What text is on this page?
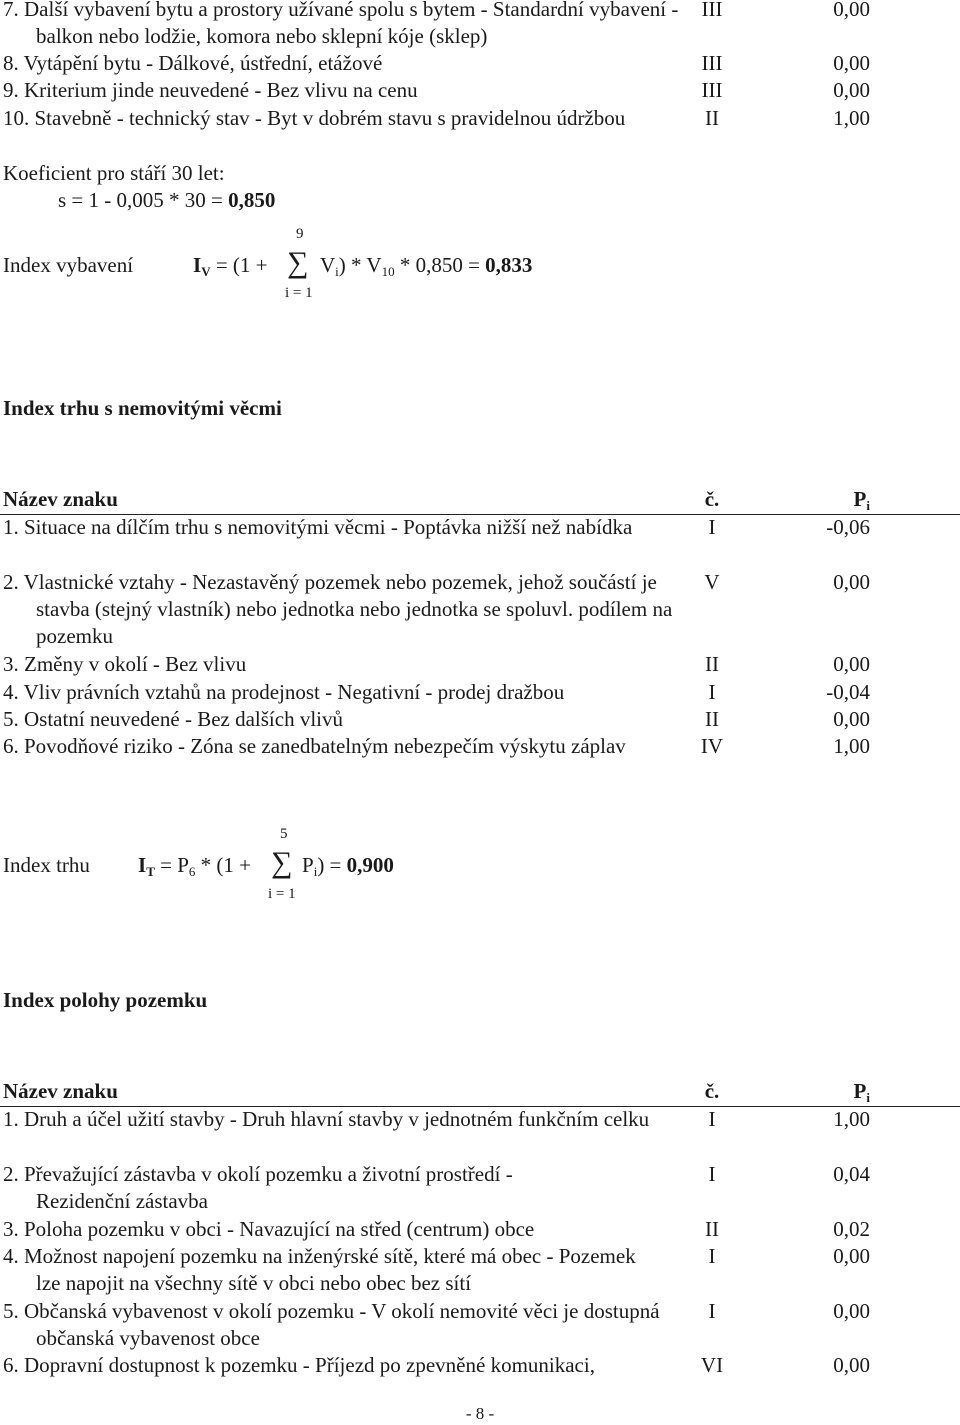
7. Další vybavení bytu a prostory užívané spolu s bytem - Standardní vybavení - balkon nebo lodžie, komora nebo sklepní kóje (sklep)
III	0,00
8. Vytápění bytu - Dálkové, ústřední, etážové	III	0,00
9. Kriterium jinde neuvedené - Bez vlivu na cenu	III	0,00
10. Stavebně - technický stav - Byt v dobrém stavu s pravidelnou údržbou	II	1,00
Koeficient pro stáří 30 let:
s = 1 - 0,005 * 30 = 0,850
Index vybavení
9
i = 1
∑
$I_V = (1 + V_i) * V_{10} * 0,850 = 0,833$
Index trhu s nemovitými věcmi
Název znaku	č.	$P_i$
1. Situace na dílčím trhu s nemovitými věcmi - Poptávka nižší než nabídka	I	-0,06
2. Vlastnické vztahy - Nezastavěný pozemek nebo pozemek, jehož součástí je stavba (stejný vlastník) nebo jednotka nebo jednotka se spoluvl. podílem na pozemku
V	0,00
3. Změny v okolí - Bez vlivu	II	0,00
4. Vliv právních vztahů na prodejnost - Negativní - prodej dražbou	I	-0,04
5. Ostatní neuvedené - Bez dalších vlivů	II	0,00
6. Povodňové riziko - Zóna se zanedbatelným nebezpečím výskytu záplav	IV	1,00
Index trhu
5
i = 1
∑
$I_T = P_6 * (1 + P_i) = 0,900$
Index polohy pozemku
Název znaku	č.	$P_i$
1. Druh a účel užití stavby - Druh hlavní stavby v jednotném funkčním celku	I	1,00
2. Převažující zástavba v okolí pozemku a životní prostředí - Rezidenční zástavba
I	0,04
3. Poloha pozemku v obci - Navazující na střed (centrum) obce	II	0,02
4. Možnost napojení pozemku na inženýrské sítě, které má obec - Pozemek lze napojit na všechny sítě v obci nebo obec bez sítí
I	0,00
5. Občanská vybavenost v okolí pozemku - V okolí nemovité věci je dostupná občanská vybavenost obce
I	0,00
6. Dopravní dostupnost k pozemku - Příjezd po zpevněné komunikaci,	VI	0,00
- 8 -
